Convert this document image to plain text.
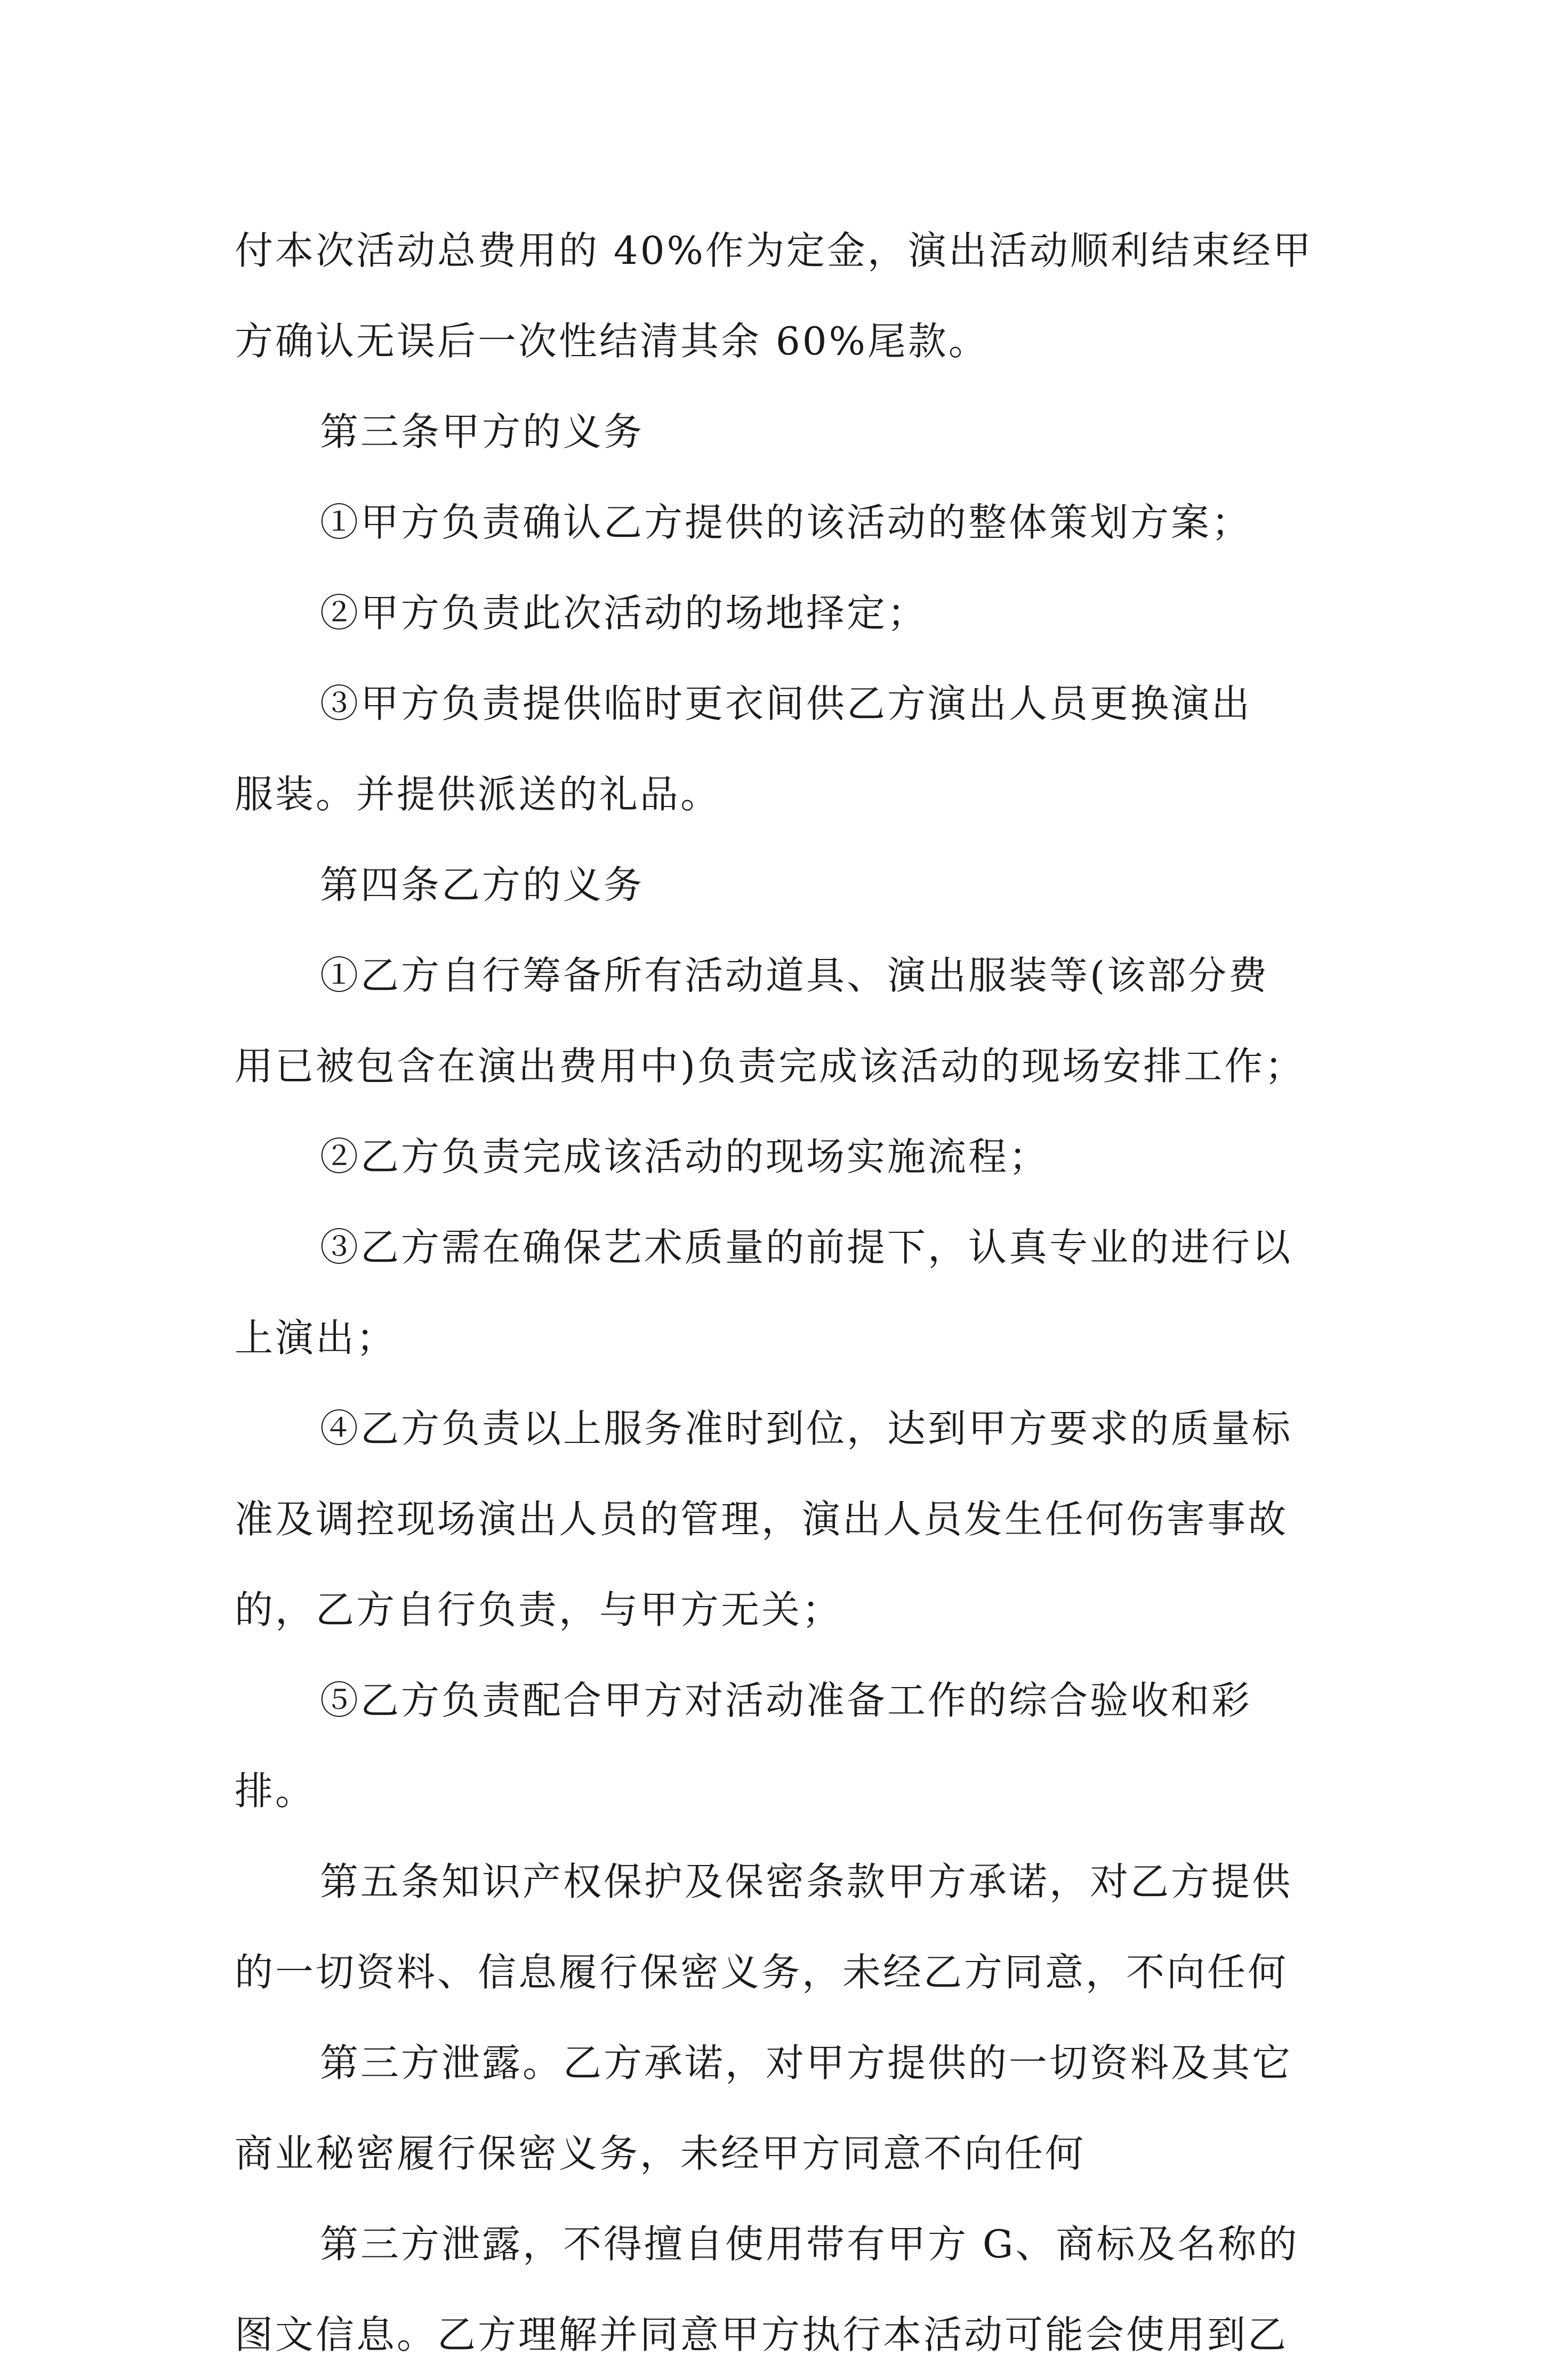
付本次活动总费用的 40%作为定金，演出活动顺利结束经甲
方确认无误后一次性结清其余 60%尾款。
第三条甲方的义务
①甲方负责确认乙方提供的该活动的整体策划方案；
②甲方负责此次活动的场地择定；
③甲方负责提供临时更衣间供乙方演出人员更换演出
服装。并提供派送的礼品。
第四条乙方的义务
①乙方自行筹备所有活动道具、演出服装等(该部分费
用已被包含在演出费用中)负责完成该活动的现场安排工作；
②乙方负责完成该活动的现场实施流程；
③乙方需在确保艺术质量的前提下，认真专业的进行以
上演出；
④乙方负责以上服务准时到位，达到甲方要求的质量标
准及调控现场演出人员的管理，演出人员发生任何伤害事故
的，乙方自行负责，与甲方无关；
⑤乙方负责配合甲方对活动准备工作的综合验收和彩
排。
第五条知识产权保护及保密条款甲方承诺，对乙方提供
的一切资料、信息履行保密义务，未经乙方同意，不向任何
第三方泄露。乙方承诺，对甲方提供的一切资料及其它
商业秘密履行保密义务，未经甲方同意不向任何
第三方泄露，不得擅自使用带有甲方 G、商标及名称的
图文信息。乙方理解并同意甲方执行本活动可能会使用到乙
